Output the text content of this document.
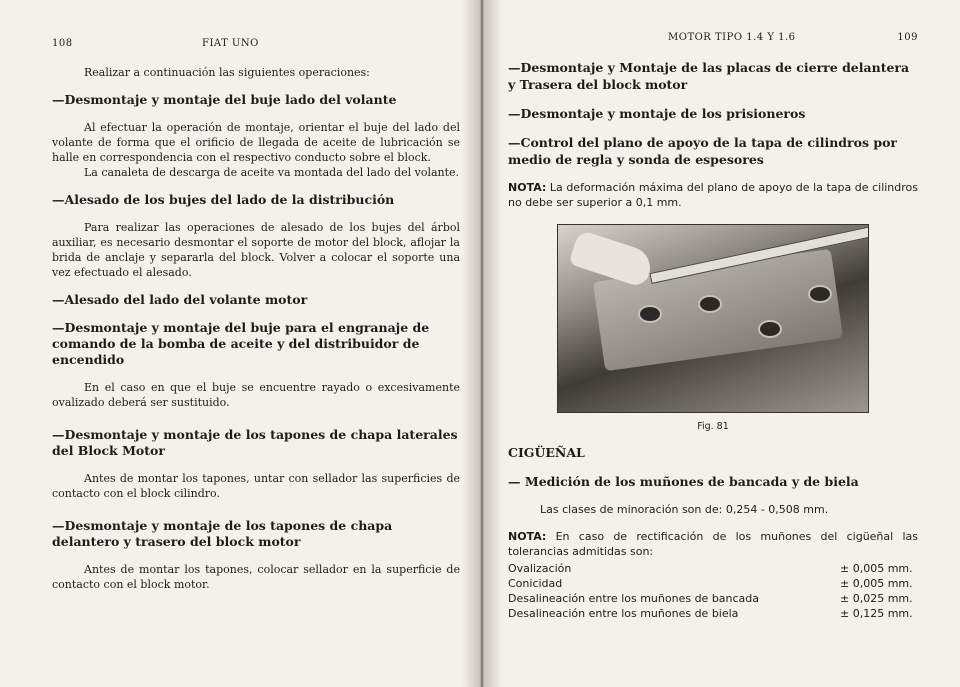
108	FIAT UNO

Realizar a continuación las siguientes operaciones:

—Desmontaje y montaje del buje lado del volante

Al efectuar la operación de montaje, orientar el buje del lado del volante de forma que el orificio de llegada de aceite de lubricación se halle en correspondencia con el respectivo conducto sobre el block.

La canaleta de descarga de aceite va montada del lado del volante.

—Alesado de los bujes del lado de la distribución

Para realizar las operaciones de alesado de los bujes del árbol auxiliar, es necesario desmontar el soporte de motor del block, aflojar la brida de anclaje y separarla del block. Volver a colocar el soporte una vez efectuado el alesado.

—Alesado del lado del volante motor
—Desmontaje y montaje del buje para el engranaje de comando de la bomba de aceite y del distribuidor de encendido

En el caso en que el buje se encuentre rayado o excesivamente ovalizado deberá ser sustituido.

—Desmontaje y montaje de los tapones de chapa laterales del Block Motor

Antes de montar los tapones, untar con sellador las superficies de contacto con el block cilindro.

—Desmontaje y montaje de los tapones de chapa delantero y trasero del block motor

Antes de montar los tapones, colocar sellador en la superficie de contacto con el block motor.

MOTOR TIPO 1.4 Y 1.6	109
—Desmontaje y Montaje de las placas de cierre delantera y Trasera del block motor
—Desmontaje y montaje de los prisioneros
—Control del plano de apoyo de la tapa de cilindros por medio de regla y sonda de espesores

NOTA: La deformación máxima del plano de apoyo de la tapa de cilindros no debe ser superior a 0,1 mm.

Fig. 81
CIGÜEÑAL
— Medición de los muñones de bancada y de biela

Las clases de minoración son de: 0,254 - 0,508 mm.

NOTA: En caso de rectificación de los muñones del cigüeñal las tolerancias admitidas son:

Ovalización	± 0,005 mm.
Conicidad	± 0,005 mm.
Desalineación entre los muñones de bancada	± 0,025 mm.
Desalineación entre los muñones de biela	± 0,125 mm.
